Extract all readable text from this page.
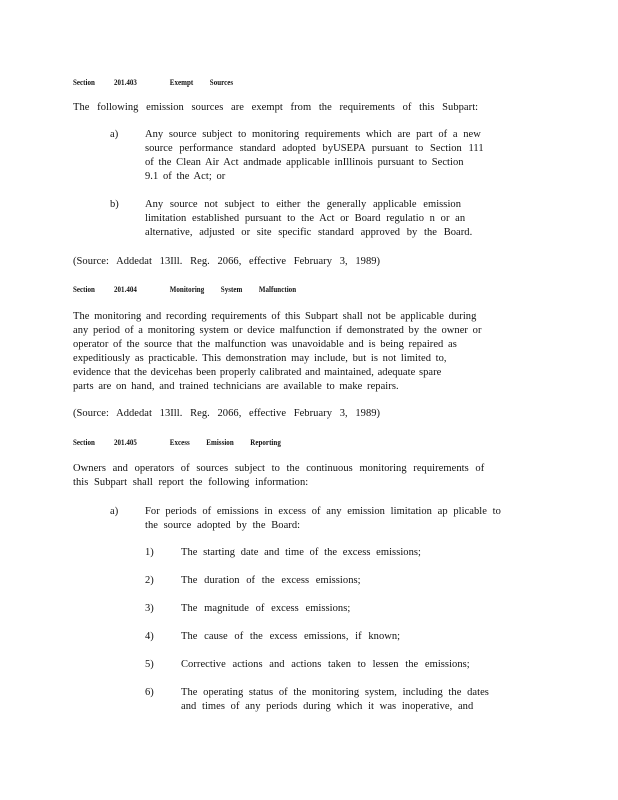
Section 201.403	Exempt Sources
The following emission sources are exempt from the requirements of this Subpart:
a)	Any source subject to monitoring requirements which are part of a new
source performance standard adopted byUSEPA pursuant to Section 111
of the Clean Air Act andmade applicable inIllinois pursuant to Section
9.1 of the Act; or
b) Any source not subject to either the generally applicable emission
limitation established pursuant to the Act or Board regulatio n or an
alternative, adjusted or site specific standard approved by the Board.
(Source: Addedat 13Ill. Reg. 2066, effective February 3, 1989)
Section 201.404	Monitoring System Malfunction
The monitoring and recording requirements of this Subpart shall not be applicable during
any period of a monitoring system or device malfunction if demonstrated by the owner or
operator of the source that the malfunction was unavoidable and is being repaired as
expeditiously as practicable. This demonstration may include, but is not limited to,
evidence that the devicehas been properly calibrated and maintained, adequate spare
parts are on hand, and trained technicians are available to make repairs.
(Source: Addedat 13Ill. Reg. 2066, effective February 3, 1989)
Section 201.405	Excess Emission Reporting
Owners and operators of sources subject to the continuous monitoring requirements of
this Subpart shall report the following information:
a)	For periods of emissions in excess of any emission limitation ap plicable to
the source adopted by the Board:
1)	The starting date and time of the excess emissions;
2)	The duration of the excess emissions;
3)	The magnitude of excess emissions;
4)	The cause of the excess emissions, if known;
5)	Corrective actions and actions taken to lessen the emissions;
6)	The operating status of the monitoring system, including the dates
and times of any periods during which it was inoperative, and
